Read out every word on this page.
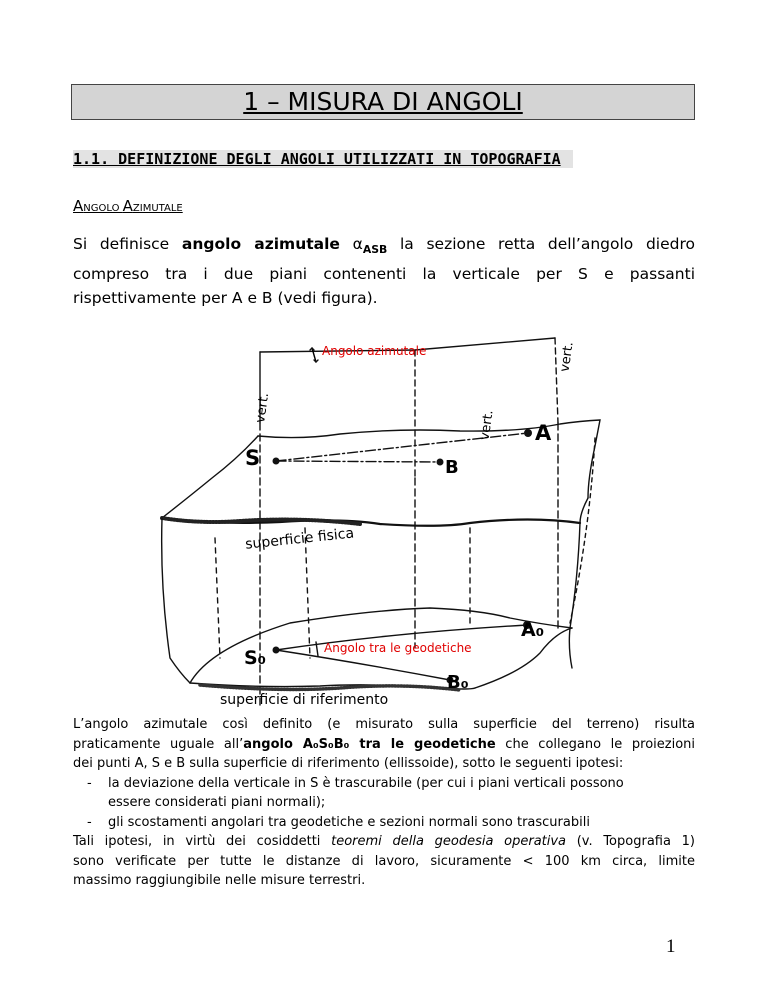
1 – MISURA DI ANGOLI
1.1. DEFINIZIONE DEGLI ANGOLI UTILIZZATI IN TOPOGRAFIA
ANGOLO AZIMUTALE
Si definisce angolo azimutale $\alpha_{ASB}$ la sezione retta dell’angolo diedro
compreso tra i due piani contenenti la verticale per S e passanti
rispettivamente per A e B (vedi figura).
Angolo azimutale
Angolo tra le geodetiche
A
B
S
A₀
B₀
S₀
vert.
vert.
vert.
superficie fisica
superficie di riferimento
L’angolo azimutale così definito (e misurato sulla superficie del terreno) risulta
praticamente uguale all’angolo A₀S₀B₀ tra le geodetiche che collegano le proiezioni
dei punti A, S e B sulla superficie di riferimento (ellissoide), sotto le seguenti ipotesi:
- la deviazione della verticale in S è trascurabile (per cui i piani verticali possono
essere considerati piani normali);
- gli scostamenti angolari tra geodetiche e sezioni normali sono trascurabili
Tali ipotesi, in virtù dei cosiddetti teoremi della geodesia operativa (v. Topografia 1)
sono verificate per tutte le distanze di lavoro, sicuramente < 100 km circa, limite
massimo raggiungibile nelle misure terrestri.
1
